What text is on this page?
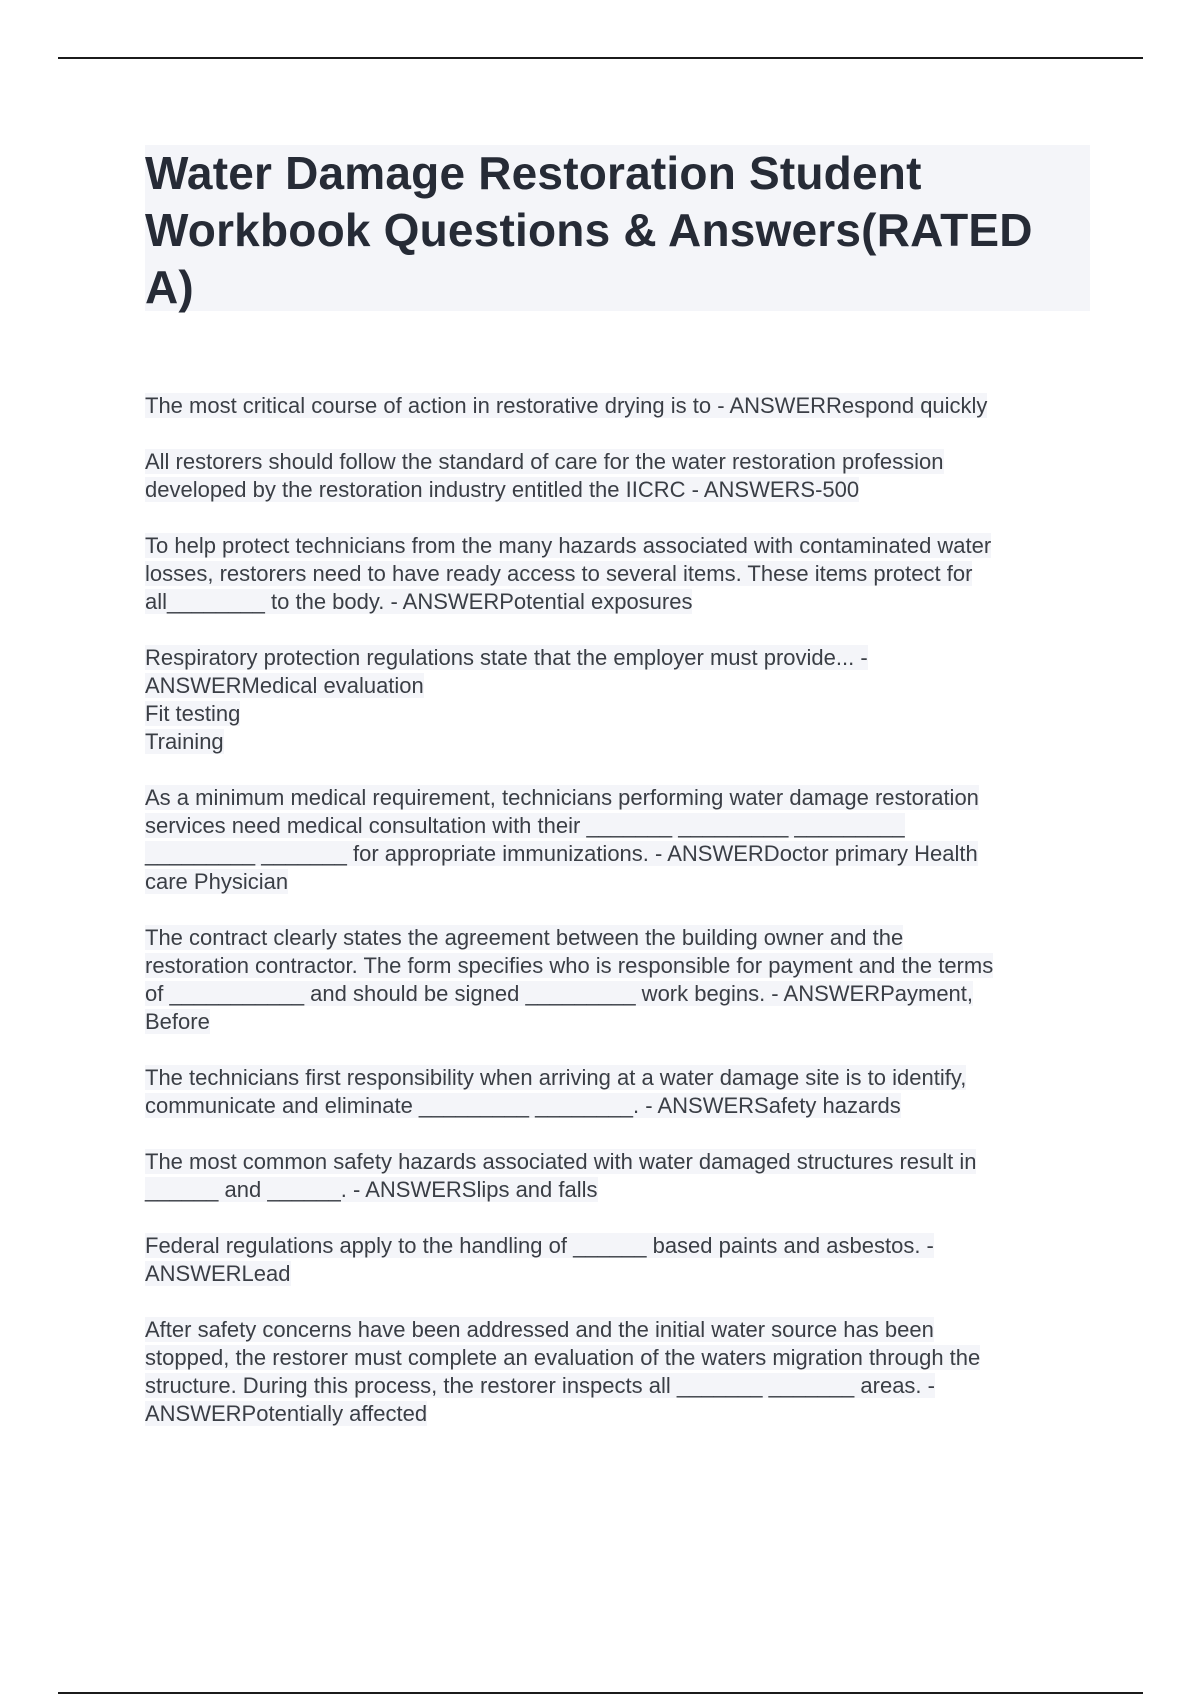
Water Damage Restoration Student Workbook Questions & Answers(RATED A)
The most critical course of action in restorative drying is to - ANSWERRespond quickly
All restorers should follow the standard of care for the water restoration profession
developed by the restoration industry entitled the IICRC - ANSWERS-500
To help protect technicians from the many hazards associated with contaminated water
losses, restorers need to have ready access to several items. These items protect for
all________ to the body. - ANSWERPotential exposures
Respiratory protection regulations state that the employer must provide... -
ANSWERMedical evaluation
Fit testing
Training
As a minimum medical requirement, technicians performing water damage restoration
services need medical consultation with their _______ _________ _________
_________ _______ for appropriate immunizations. - ANSWERDoctor primary Health
care Physician
The contract clearly states the agreement between the building owner and the
restoration contractor. The form specifies who is responsible for payment and the terms
of ___________ and should be signed _________ work begins. - ANSWERPayment,
Before
The technicians first responsibility when arriving at a water damage site is to identify,
communicate and eliminate _________ ________. - ANSWERSafety hazards
The most common safety hazards associated with water damaged structures result in
______ and ______. - ANSWERSlips and falls
Federal regulations apply to the handling of ______ based paints and asbestos. -
ANSWERLead
After safety concerns have been addressed and the initial water source has been
stopped, the restorer must complete an evaluation of the waters migration through the
structure. During this process, the restorer inspects all _______ _______ areas. -
ANSWERPotentially affected
